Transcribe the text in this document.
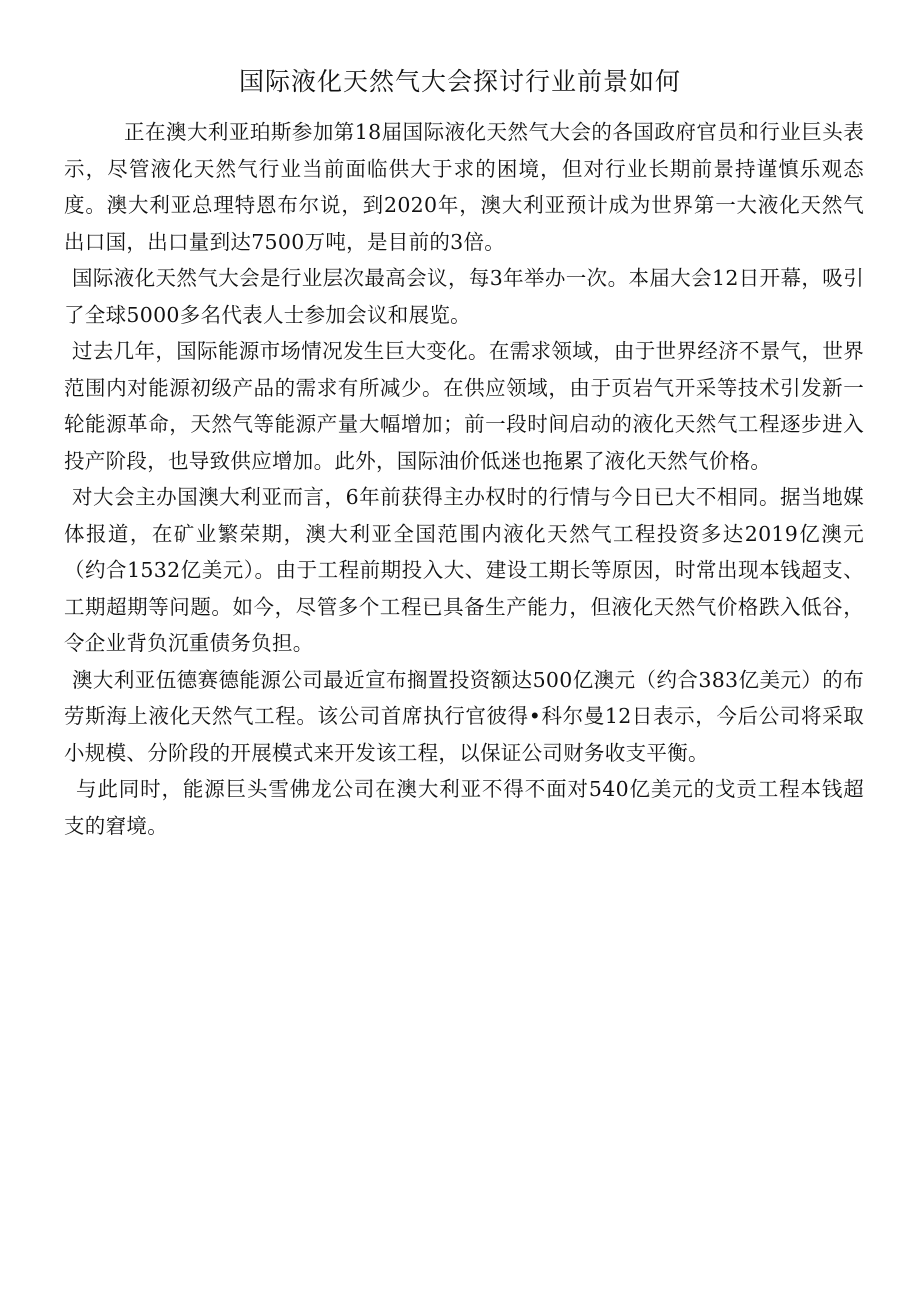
国际液化天然气大会探讨行业前景如何

正在澳大利亚珀斯参加第18届国际液化天然气大会的各国政府官员和行业巨头表示，尽管液化天然气行业当前面临供大于求的困境，但对行业长期前景持谨慎乐观态度。澳大利亚总理特恩布尔说，到2020年，澳大利亚预计成为世界第一大液化天然气出口国，出口量到达7500万吨，是目前的3倍。

国际液化天然气大会是行业层次最高会议，每3年举办一次。本届大会12日开幕，吸引了全球5000多名代表人士参加会议和展览。

过去几年，国际能源市场情况发生巨大变化。在需求领域，由于世界经济不景气，世界范围内对能源初级产品的需求有所减少。在供应领域，由于页岩气开采等技术引发新一轮能源革命，天然气等能源产量大幅增加；前一段时间启动的液化天然气工程逐步进入投产阶段，也导致供应增加。此外，国际油价低迷也拖累了液化天然气价格。

对大会主办国澳大利亚而言，6年前获得主办权时的行情与今日已大不相同。据当地媒体报道，在矿业繁荣期，澳大利亚全国范围内液化天然气工程投资多达2019亿澳元（约合1532亿美元）。由于工程前期投入大、建设工期长等原因，时常出现本钱超支、工期超期等问题。如今，尽管多个工程已具备生产能力，但液化天然气价格跌入低谷，令企业背负沉重债务负担。

澳大利亚伍德赛德能源公司最近宣布搁置投资额达500亿澳元（约合383亿美元）的布劳斯海上液化天然气工程。该公司首席执行官彼得•科尔曼12日表示，今后公司将采取小规模、分阶段的开展模式来开发该工程，以保证公司财务收支平衡。

与此同时，能源巨头雪佛龙公司在澳大利亚不得不面对540亿美元的戈贡工程本钱超支的窘境。
